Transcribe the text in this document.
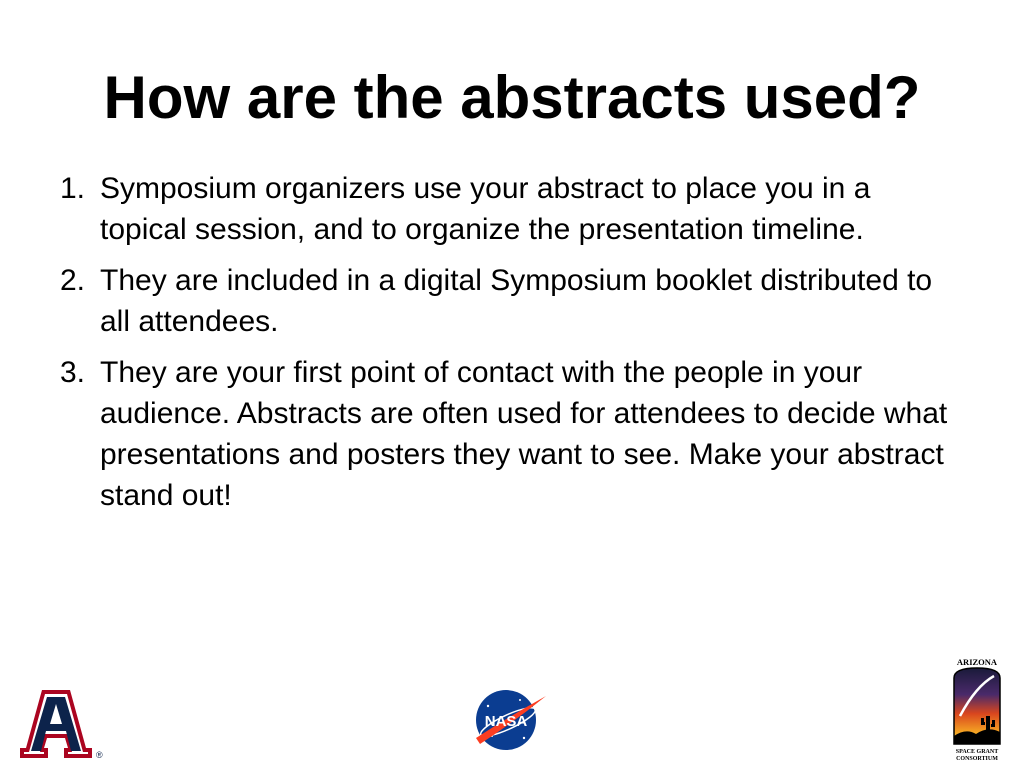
How are the abstracts used?
1. Symposium organizers use your abstract to place you in a topical session, and to organize the presentation timeline.
2. They are included in a digital Symposium booklet distributed to all attendees.
3. They are your first point of contact with the people in your audience. Abstracts are often used for attendees to decide what presentations and posters they want to see. Make your abstract stand out!
®
NASA
ARIZONA
SPACE GRANT
CONSORTIUM
